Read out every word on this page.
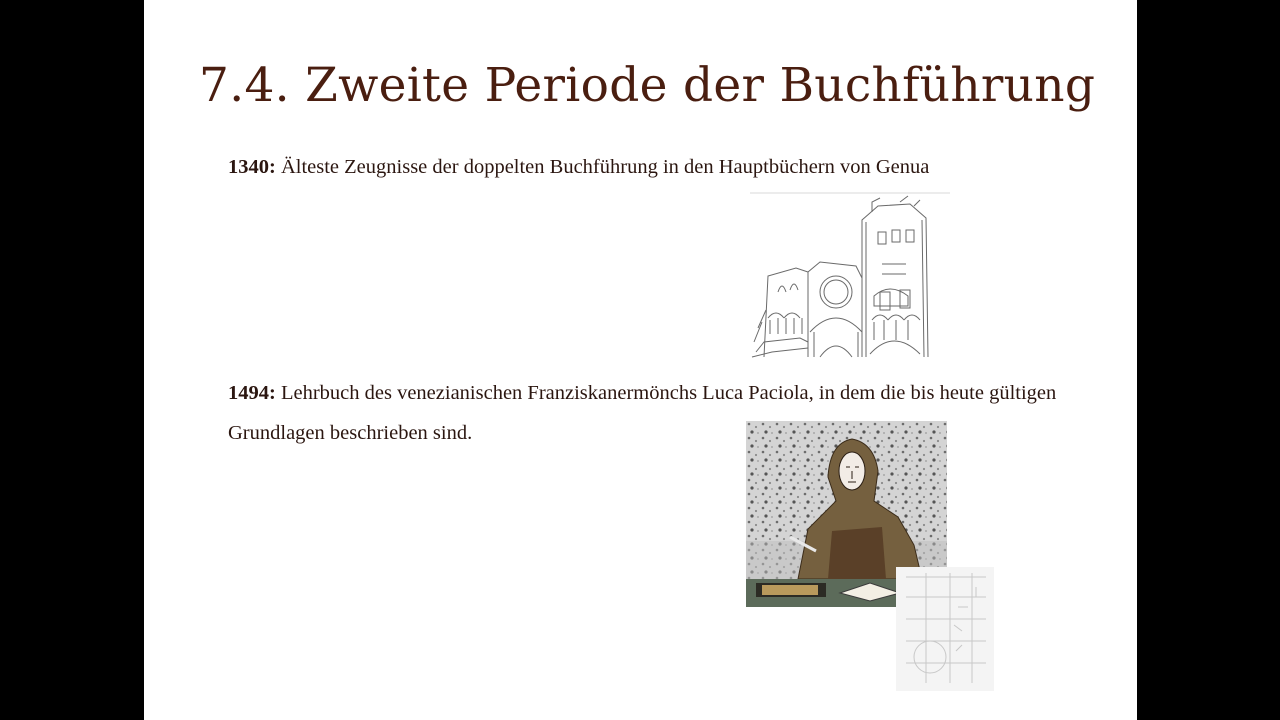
7.4. Zweite Periode der Buchführung

1340: Älteste Zeugnisse der doppelten Buchführung in den Hauptbüchern von Genua

1494: Lehrbuch des venezianischen Franziskanermönchs Luca Paciola, in dem die bis heute gültigen Grundlagen beschrieben sind.
